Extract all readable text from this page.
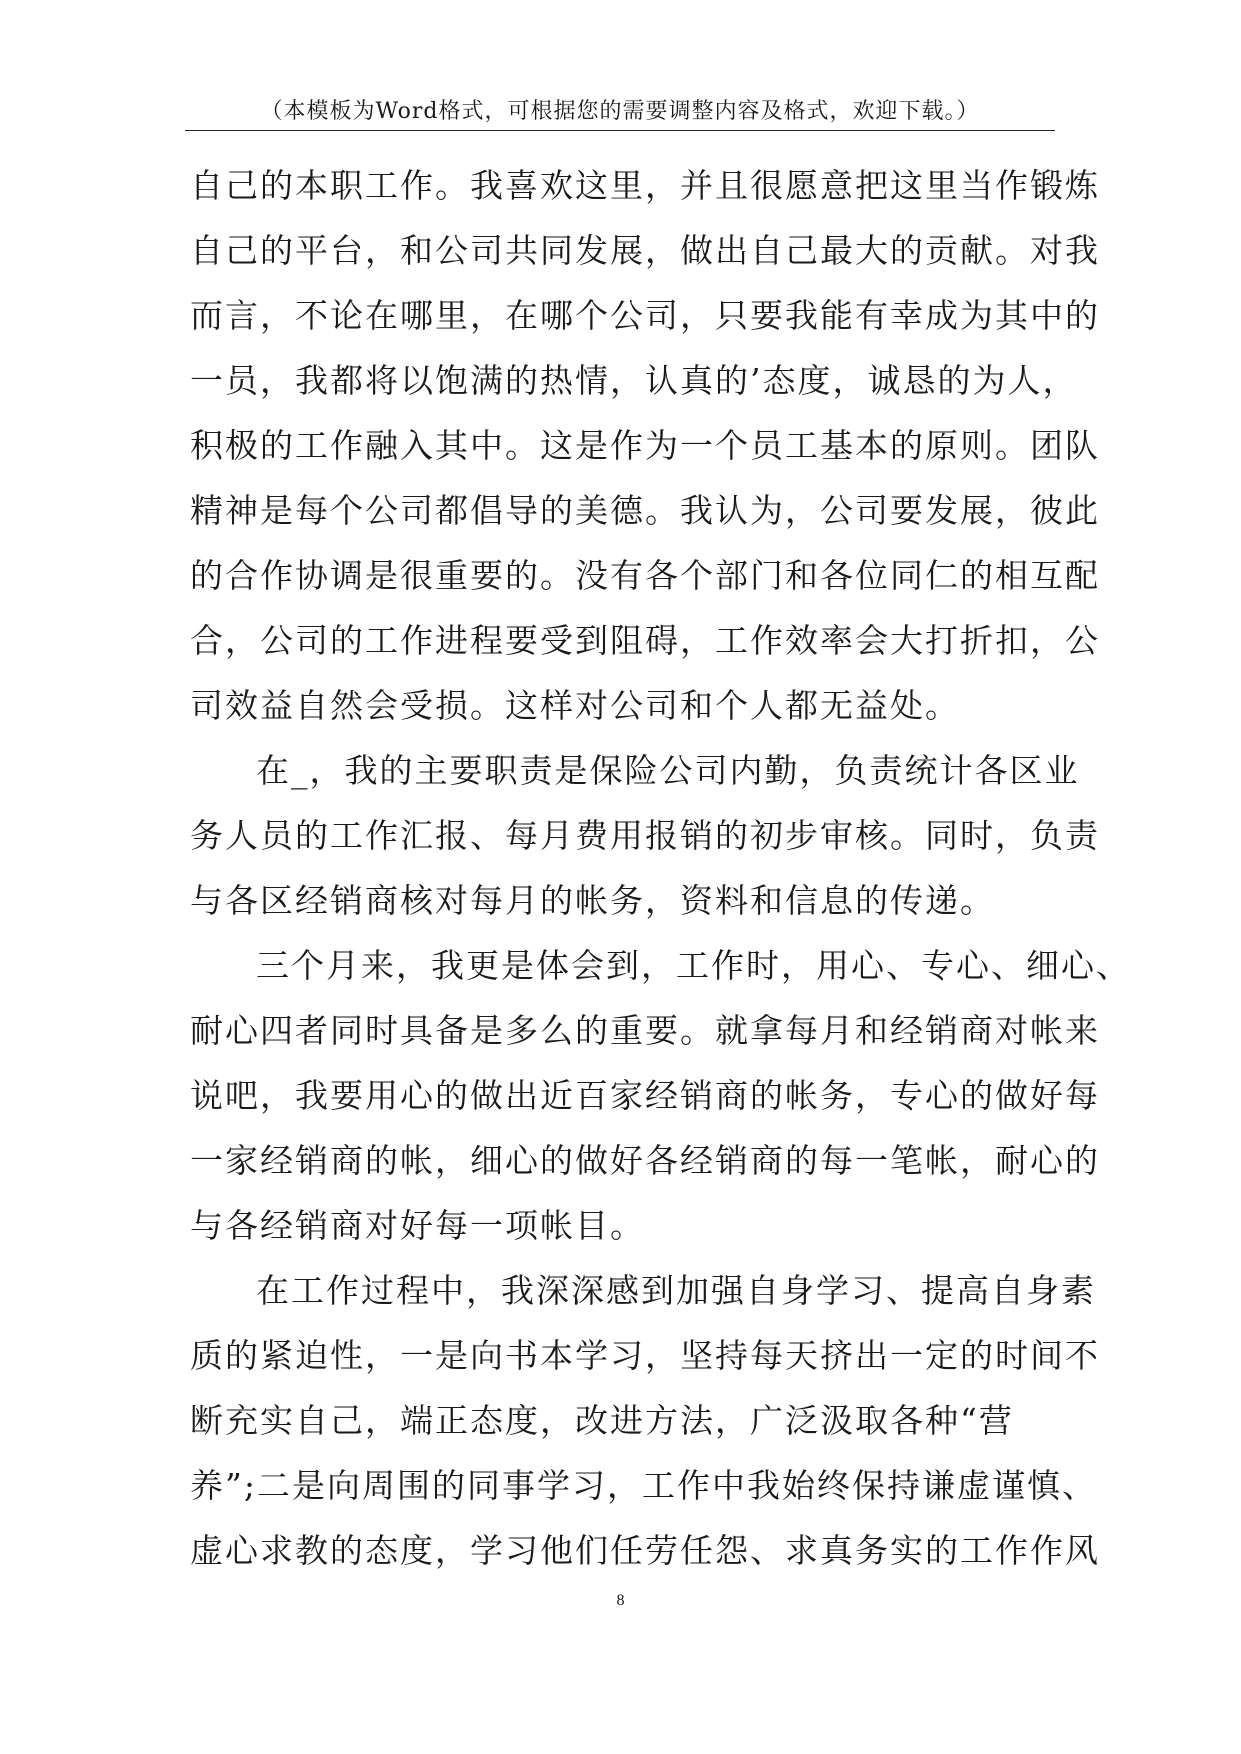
（本模板为Word格式，可根据您的需要调整内容及格式，欢迎下载。）
自己的本职工作。我喜欢这里，并且很愿意把这里当作锻炼
自己的平台，和公司共同发展，做出自己最大的贡献。对我
而言，不论在哪里，在哪个公司，只要我能有幸成为其中的
一员，我都将以饱满的热情，认真的’态度，诚恳的为人，
积极的工作融入其中。这是作为一个员工基本的原则。团队
精神是每个公司都倡导的美德。我认为，公司要发展，彼此
的合作协调是很重要的。没有各个部门和各位同仁的相互配
合，公司的工作进程要受到阻碍，工作效率会大打折扣，公
司效益自然会受损。这样对公司和个人都无益处。
在_，我的主要职责是保险公司内勤，负责统计各区业
务人员的工作汇报、每月费用报销的初步审核。同时，负责
与各区经销商核对每月的帐务，资料和信息的传递。
三个月来，我更是体会到，工作时，用心、专心、细心、
耐心四者同时具备是多么的重要。就拿每月和经销商对帐来
说吧，我要用心的做出近百家经销商的帐务，专心的做好每
一家经销商的帐，细心的做好各经销商的每一笔帐，耐心的
与各经销商对好每一项帐目。
在工作过程中，我深深感到加强自身学习、提高自身素
质的紧迫性，一是向书本学习，坚持每天挤出一定的时间不
断充实自己，端正态度，改进方法，广泛汲取各种“营
养”;二是向周围的同事学习，工作中我始终保持谦虚谨慎、
虚心求教的态度，学习他们任劳任怨、求真务实的工作作风
8
